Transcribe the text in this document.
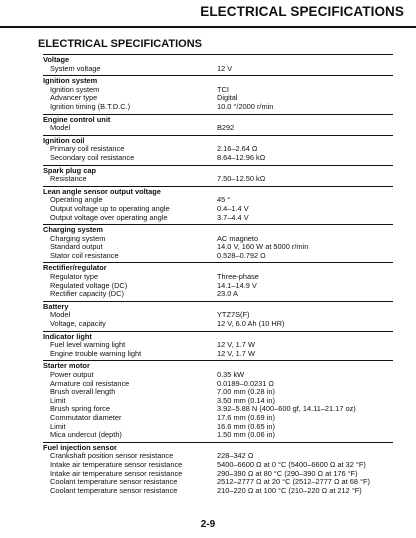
ELECTRICAL SPECIFICATIONS
ELECTRICAL SPECIFICATIONS
Voltage
System voltage	12 V
Ignition system
Ignition system	TCI
Advancer type	Digital
Ignition timing (B.T.D.C.)	10.0 °/2000 r/min
Engine control unit
Model	B292
Ignition coil
Primary coil resistance	2.16–2.64 Ω
Secondary coil resistance	8.64–12.96 kΩ
Spark plug cap
Resistance	7.50–12.50 kΩ
Lean angle sensor output voltage
Operating angle	45 °
Output voltage up to operating angle	0.4–1.4 V
Output voltage over operating angle	3.7–4.4 V
Charging system
Charging system	AC magneto
Standard output	14.0 V, 160 W at 5000 r/min
Stator coil resistance	0.528–0.792 Ω
Rectifier/regulator
Regulator type	Three-phase
Regulated voltage (DC)	14.1–14.9 V
Rectifier capacity (DC)	23.0 A
Battery
Model	YTZ7S(F)
Voltage, capacity	12 V, 6.0 Ah (10 HR)
Indicator light
Fuel level warning light	12 V, 1.7 W
Engine trouble warning light	12 V, 1.7 W
Starter motor
Power output	0.35 kW
Armature coil resistance	0.0189–0.0231 Ω
Brush overall length	7.00 mm (0.28 in)
Limit	3.50 mm (0.14 in)
Brush spring force	3.92–5.88 N (400–600 gf, 14.11–21.17 oz)
Commutator diameter	17.6 mm (0.69 in)
Limit	16.6 mm (0.65 in)
Mica undercut (depth)	1.50 mm (0.06 in)
Fuel injection sensor
Crankshaft position sensor resistance	228–342 Ω
Intake air temperature sensor resistance	5400–6600 Ω at 0 °C (5400–6600 Ω at 32 °F)
Intake air temperature sensor resistance	290–390 Ω at 80 °C (290–390 Ω at 176 °F)
Coolant temperature sensor resistance	2512–2777 Ω at 20 °C (2512–2777 Ω at 68 °F)
Coolant temperature sensor resistance	210–220 Ω at 100 °C (210–220 Ω at 212 °F)
2-9
